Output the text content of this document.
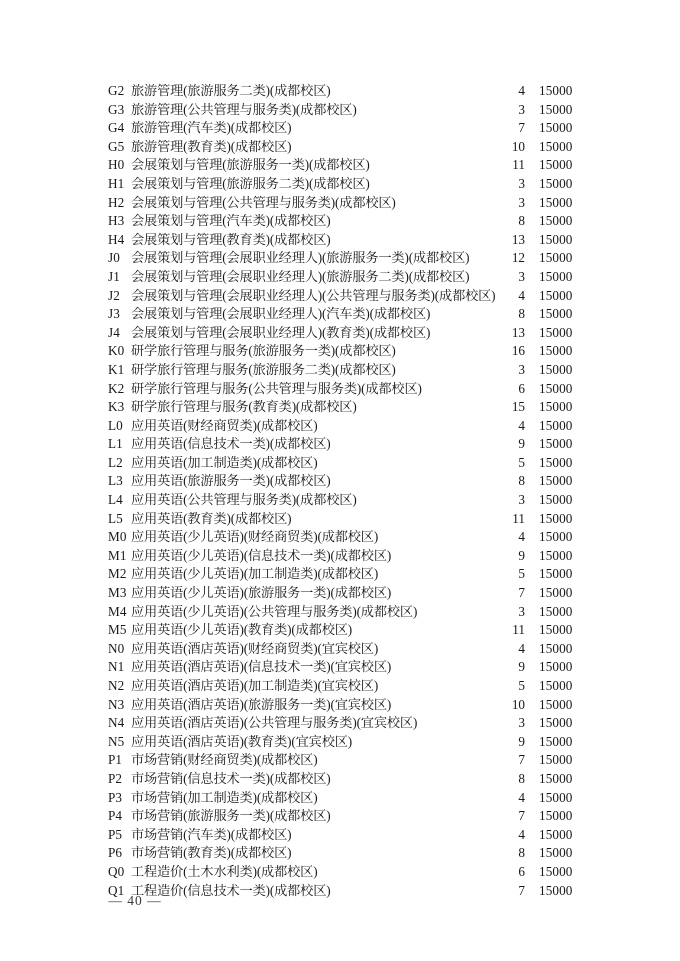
	G2	旅游管理(旅游服务二类)(成都校区)	4		15000	
	G3	旅游管理(公共管理与服务类)(成都校区)	3		15000	
	G4	旅游管理(汽车类)(成都校区)	7		15000	
	G5	旅游管理(教育类)(成都校区)	10		15000	
	H0	会展策划与管理(旅游服务一类)(成都校区)	11		15000	
	H1	会展策划与管理(旅游服务二类)(成都校区)	3		15000	
	H2	会展策划与管理(公共管理与服务类)(成都校区)	3		15000	
	H3	会展策划与管理(汽车类)(成都校区)	8		15000	
	H4	会展策划与管理(教育类)(成都校区)	13		15000	
	J0	会展策划与管理(会展职业经理人)(旅游服务一类)(成都校区)	12		15000	
	J1	会展策划与管理(会展职业经理人)(旅游服务二类)(成都校区)	3		15000	
	J2	会展策划与管理(会展职业经理人)(公共管理与服务类)(成都校区)	4		15000	
	J3	会展策划与管理(会展职业经理人)(汽车类)(成都校区)	8		15000	
	J4	会展策划与管理(会展职业经理人)(教育类)(成都校区)	13		15000	
	K0	研学旅行管理与服务(旅游服务一类)(成都校区)	16		15000	
	K1	研学旅行管理与服务(旅游服务二类)(成都校区)	3		15000	
	K2	研学旅行管理与服务(公共管理与服务类)(成都校区)	6		15000	
	K3	研学旅行管理与服务(教育类)(成都校区)	15		15000	
	L0	应用英语(财经商贸类)(成都校区)	4		15000	
	L1	应用英语(信息技术一类)(成都校区)	9		15000	
	L2	应用英语(加工制造类)(成都校区)	5		15000	
	L3	应用英语(旅游服务一类)(成都校区)	8		15000	
	L4	应用英语(公共管理与服务类)(成都校区)	3		15000	
	L5	应用英语(教育类)(成都校区)	11		15000	
	M0	应用英语(少儿英语)(财经商贸类)(成都校区)	4		15000	
	M1	应用英语(少儿英语)(信息技术一类)(成都校区)	9		15000	
	M2	应用英语(少儿英语)(加工制造类)(成都校区)	5		15000	
	M3	应用英语(少儿英语)(旅游服务一类)(成都校区)	7		15000	
	M4	应用英语(少儿英语)(公共管理与服务类)(成都校区)	3		15000	
	M5	应用英语(少儿英语)(教育类)(成都校区)	11		15000	
	N0	应用英语(酒店英语)(财经商贸类)(宜宾校区)	4		15000	
	N1	应用英语(酒店英语)(信息技术一类)(宜宾校区)	9		15000	
	N2	应用英语(酒店英语)(加工制造类)(宜宾校区)	5		15000	
	N3	应用英语(酒店英语)(旅游服务一类)(宜宾校区)	10		15000	
	N4	应用英语(酒店英语)(公共管理与服务类)(宜宾校区)	3		15000	
	N5	应用英语(酒店英语)(教育类)(宜宾校区)	9		15000	
	P1	市场营销(财经商贸类)(成都校区)	7		15000	
	P2	市场营销(信息技术一类)(成都校区)	8		15000	
	P3	市场营销(加工制造类)(成都校区)	4		15000	
	P4	市场营销(旅游服务一类)(成都校区)	7		15000	
	P5	市场营销(汽车类)(成都校区)	4		15000	
	P6	市场营销(教育类)(成都校区)	8		15000	
	Q0	工程造价(土木水利类)(成都校区)	6		15000	
	Q1	工程造价(信息技术一类)(成都校区)	7		15000	
— 40 —
